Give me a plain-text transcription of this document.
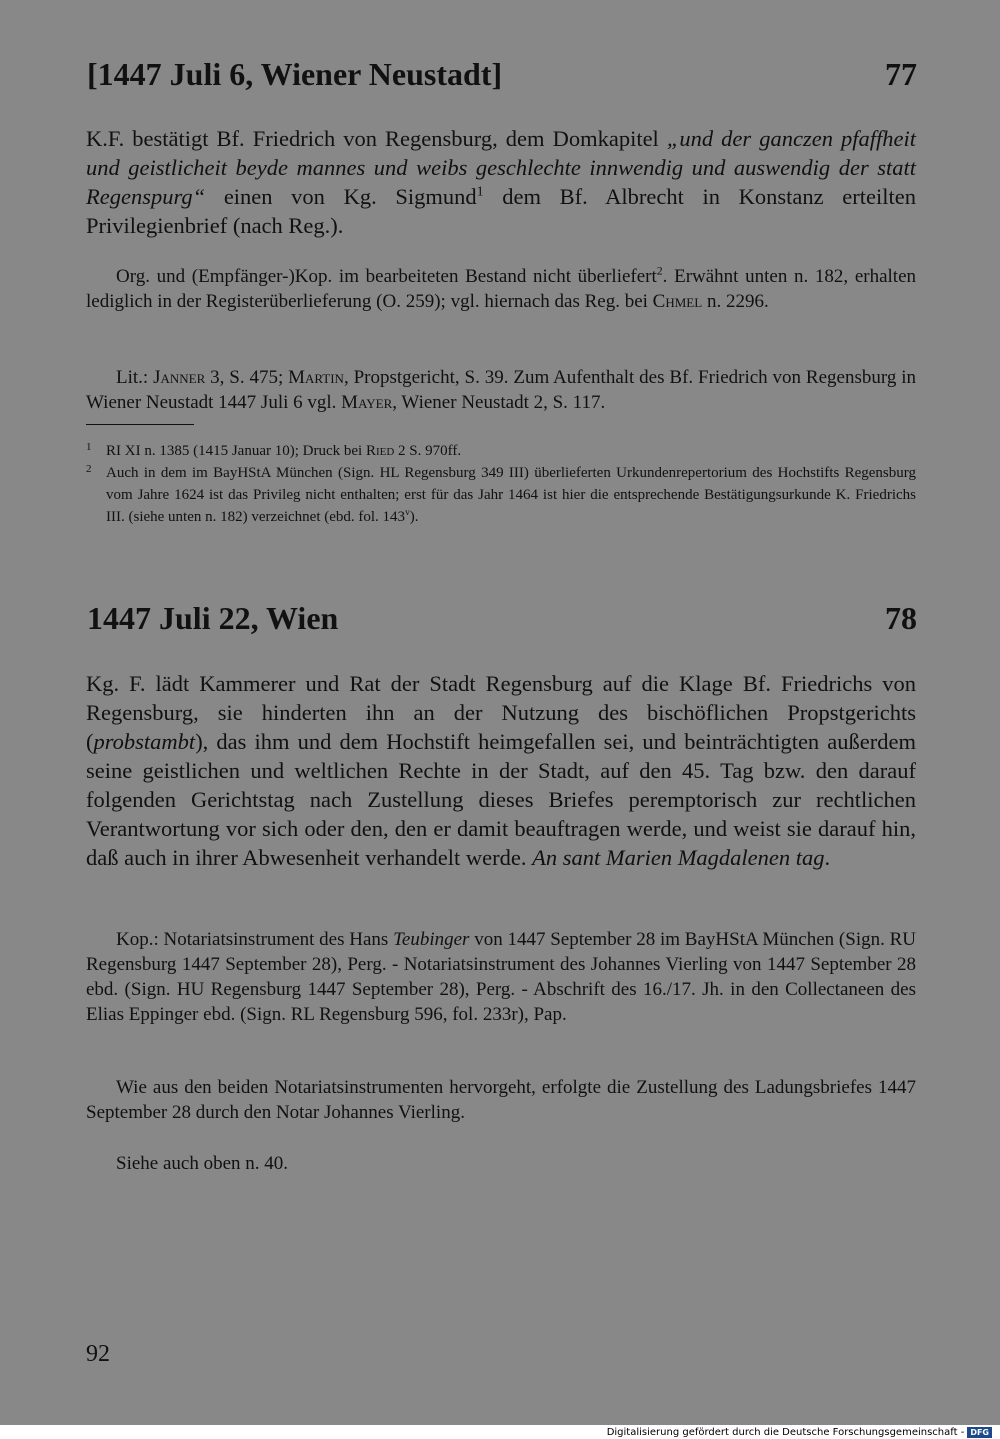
[1447 Juli 6, Wiener Neustadt]	77
K.F. bestätigt Bf. Friedrich von Regensburg, dem Domkapitel „und der ganczen pfaffheit und geistlicheit beyde mannes und weibs geschlechte innwendig und auswendig der statt Regenspurg“ einen von Kg. Sigmund$^1$ dem Bf. Albrecht in Konstanz erteilten Privilegienbrief (nach Reg.).
Org. und (Empfänger-)Kop. im bearbeiteten Bestand nicht überliefert$^2$. Erwähnt unten n. 182, erhalten lediglich in der Registerüberlieferung (O. 259); vgl. hiernach das Reg. bei Chmel n. 2296.
Lit.: Janner 3, S. 475; Martin, Propstgericht, S. 39. Zum Aufenthalt des Bf. Friedrich von Regensburg in Wiener Neustadt 1447 Juli 6 vgl. Mayer, Wiener Neustadt 2, S. 117.
1 RI XI n. 1385 (1415 Januar 10); Druck bei Ried 2 S. 970ff.
2 Auch in dem im BayHStA München (Sign. HL Regensburg 349 III) überlieferten Urkundenrepertorium des Hochstifts Regensburg vom Jahre 1624 ist das Privileg nicht enthalten; erst für das Jahr 1464 ist hier die entsprechende Bestätigungsurkunde K. Friedrichs III. (siehe unten n. 182) verzeichnet (ebd. fol. 143$^v$).
1447 Juli 22, Wien	78
Kg. F. lädt Kammerer und Rat der Stadt Regensburg auf die Klage Bf. Friedrichs von Regensburg, sie hinderten ihn an der Nutzung des bischöflichen Propstgerichts (probstambt), das ihm und dem Hochstift heimgefallen sei, und beinträchtigten außerdem seine geistlichen und weltlichen Rechte in der Stadt, auf den 45. Tag bzw. den darauf folgenden Gerichtstag nach Zustellung dieses Briefes peremptorisch zur rechtlichen Verantwortung vor sich oder den, den er damit beauftragen werde, und weist sie darauf hin, daß auch in ihrer Abwesenheit verhandelt werde. An sant Marien Magdalenen tag.
Kop.: Notariatsinstrument des Hans Teubinger von 1447 September 28 im BayHStA München (Sign. RU Regensburg 1447 September 28), Perg. - Notariatsinstrument des Johannes Vierling von 1447 September 28 ebd. (Sign. HU Regensburg 1447 September 28), Perg. - Abschrift des 16./17. Jh. in den Collectaneen des Elias Eppinger ebd. (Sign. RL Regensburg 596, fol. 233r), Pap.
Wie aus den beiden Notariatsinstrumenten hervorgeht, erfolgte die Zustellung des Ladungsbriefes 1447 September 28 durch den Notar Johannes Vierling.
Siehe auch oben n. 40.
92
Digitalisierung gefördert durch die Deutsche Forschungsgemeinschaft - DFG
